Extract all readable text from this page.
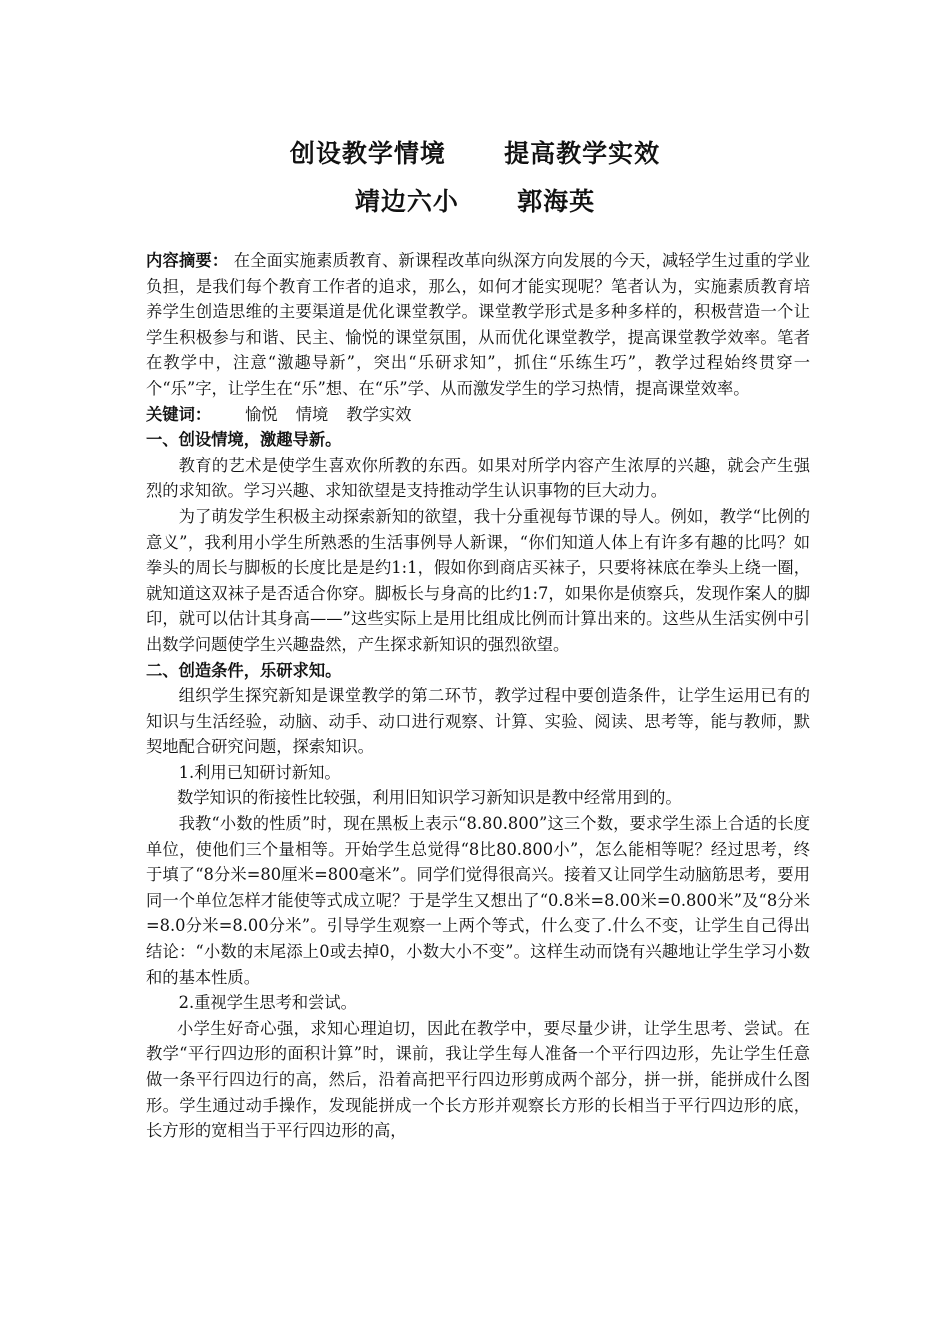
创设教学情境      提高教学实效
靖边六小      郭海英

内容摘要： 在全面实施素质教育、新课程改革向纵深方向发展的今天，减轻学生过重的学业负担，是我们每个教育工作者的追求，那么，如何才能实现呢？笔者认为，实施素质教育培养学生创造思维的主要渠道是优化课堂教学。课堂教学形式是多种多样的，积极营造一个让学生积极参与和谐、民主、愉悦的课堂氛围，从而优化课堂教学，提高课堂教学效率。笔者在教学中，注意“激趣导新”，突出“乐研求知”，抓住“乐练生巧”，教学过程始终贯穿一个“乐”字，让学生在“乐”想、在“乐”学、从而激发学生的学习热情，提高课堂效率。

关键词： 愉悦 情境 教学实效

一、创设情境，激趣导新。

教育的艺术是使学生喜欢你所教的东西。如果对所学内容产生浓厚的兴趣，就会产生强烈的求知欲。学习兴趣、求知欲望是支持推动学生认识事物的巨大动力。

为了萌发学生积极主动探索新知的欲望，我十分重视每节课的导人。例如，教学“比例的意义”，我利用小学生所熟悉的生活事例导人新课，“你们知道人体上有许多有趣的比吗？如拳头的周长与脚板的长度比是是约1:1，假如你到商店买袜子，只要将袜底在拳头上绕一圈，就知道这双袜子是否适合你穿。脚板长与身高的比约1:7，如果你是侦察兵，发现作案人的脚印，就可以估计其身高——”这些实际上是用比组成比例而计算出来的。这些从生活实例中引出数学问题使学生兴趣盎然，产生探求新知识的强烈欲望。

二、创造条件，乐研求知。

组织学生探究新知是课堂教学的第二环节，教学过程中要创造条件，让学生运用已有的知识与生活经验，动脑、动手、动口进行观察、计算、实验、阅读、思考等，能与教师，默契地配合研究问题，探索知识。

1.利用已知研讨新知。

数学知识的衔接性比较强，利用旧知识学习新知识是教中经常用到的。

我教“小数的性质”时，现在黑板上表示“8.80.800”这三个数，要求学生添上合适的长度单位，使他们三个量相等。开始学生总觉得“8比80.800小”，怎么能相等呢？经过思考，终于填了“8分米=80厘米=800毫米”。同学们觉得很高兴。接着又让同学生动脑筋思考，要用同一个单位怎样才能使等式成立呢？于是学生又想出了“0.8米=8.00米=0.800米”及“8分米=8.0分米=8.00分米”。引导学生观察一上两个等式，什么变了.什么不变，让学生自己得出结论：“小数的末尾添上0或去掉0，小数大小不变”。这样生动而饶有兴趣地让学生学习小数和的基本性质。

2.重视学生思考和尝试。

小学生好奇心强，求知心理迫切，因此在教学中，要尽量少讲，让学生思考、尝试。在教学“平行四边形的面积计算”时，课前，我让学生每人准备一个平行四边形，先让学生任意做一条平行四边行的高，然后，沿着高把平行四边形剪成两个部分，拼一拼，能拼成什么图形。学生通过动手操作，发现能拼成一个长方形并观察长方形的长相当于平行四边形的底，长方形的宽相当于平行四边形的高，
